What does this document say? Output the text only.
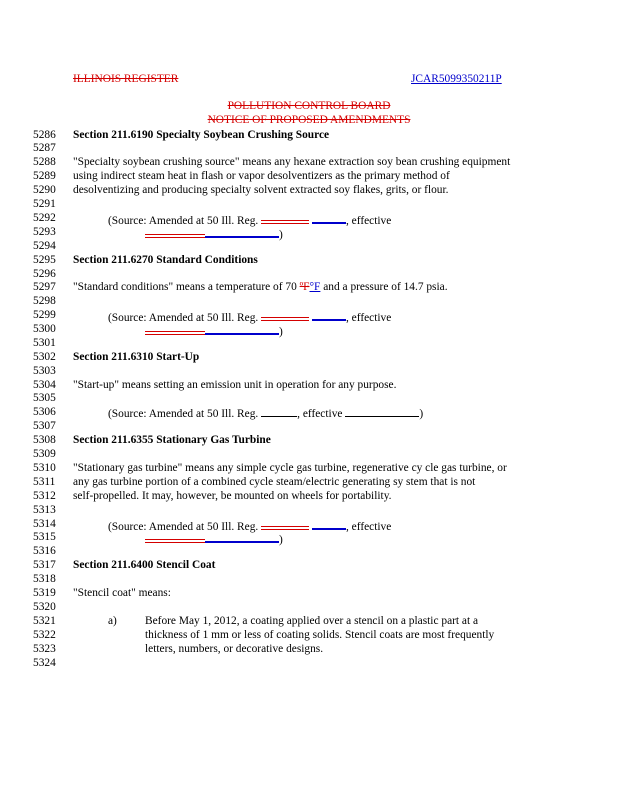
ILLINOIS REGISTER	JCAR5099350211P
POLLUTION CONTROL BOARD
NOTICE OF PROPOSED AMENDMENTS
5286
5287
5288
5289
5290
5291
5292
5293
5294
5295
5296
5297
5298
5299
5300
5301
5302
5303
5304
5305
5306
5307
5308
5309
5310
5311
5312
5313
5314
5315
5316
5317
5318
5319
5320
5321
5322
5323
5324
Section 211.6190 Specialty Soybean Crushing Source
"Specialty soybean crushing source" means any hexane extraction soy bean crushing equipment
using indirect steam heat in flash or vapor desolventizers as the primary method of
desolventizing and producing specialty solvent extracted soy flakes, grits, or flour.
(Source: Amended at 50 Ill. Reg.	, effective
)
Section 211.6270 Standard Conditions
"Standard conditions" means a temperature of 70 ºF°F and a pressure of 14.7 psia.
(Source: Amended at 50 Ill. Reg.	, effective
)
Section 211.6310 Start-Up
"Start-up" means setting an emission unit in operation for any purpose.
(Source: Amended at 50 Ill. Reg.	, effective	)
Section 211.6355 Stationary Gas Turbine
"Stationary gas turbine" means any simple cycle gas turbine, regenerative cy cle gas turbine, or
any gas turbine portion of a combined cycle steam/electric generating sy stem that is not
self-propelled. It may, however, be mounted on wheels for portability.
(Source: Amended at 50 Ill. Reg.	, effective
)
Section 211.6400 Stencil Coat
"Stencil coat" means:
a) Before May 1, 2012, a coating applied over a stencil on a plastic part at a
thickness of 1 mm or less of coating solids. Stencil coats are most frequently
letters, numbers, or decorative designs.
